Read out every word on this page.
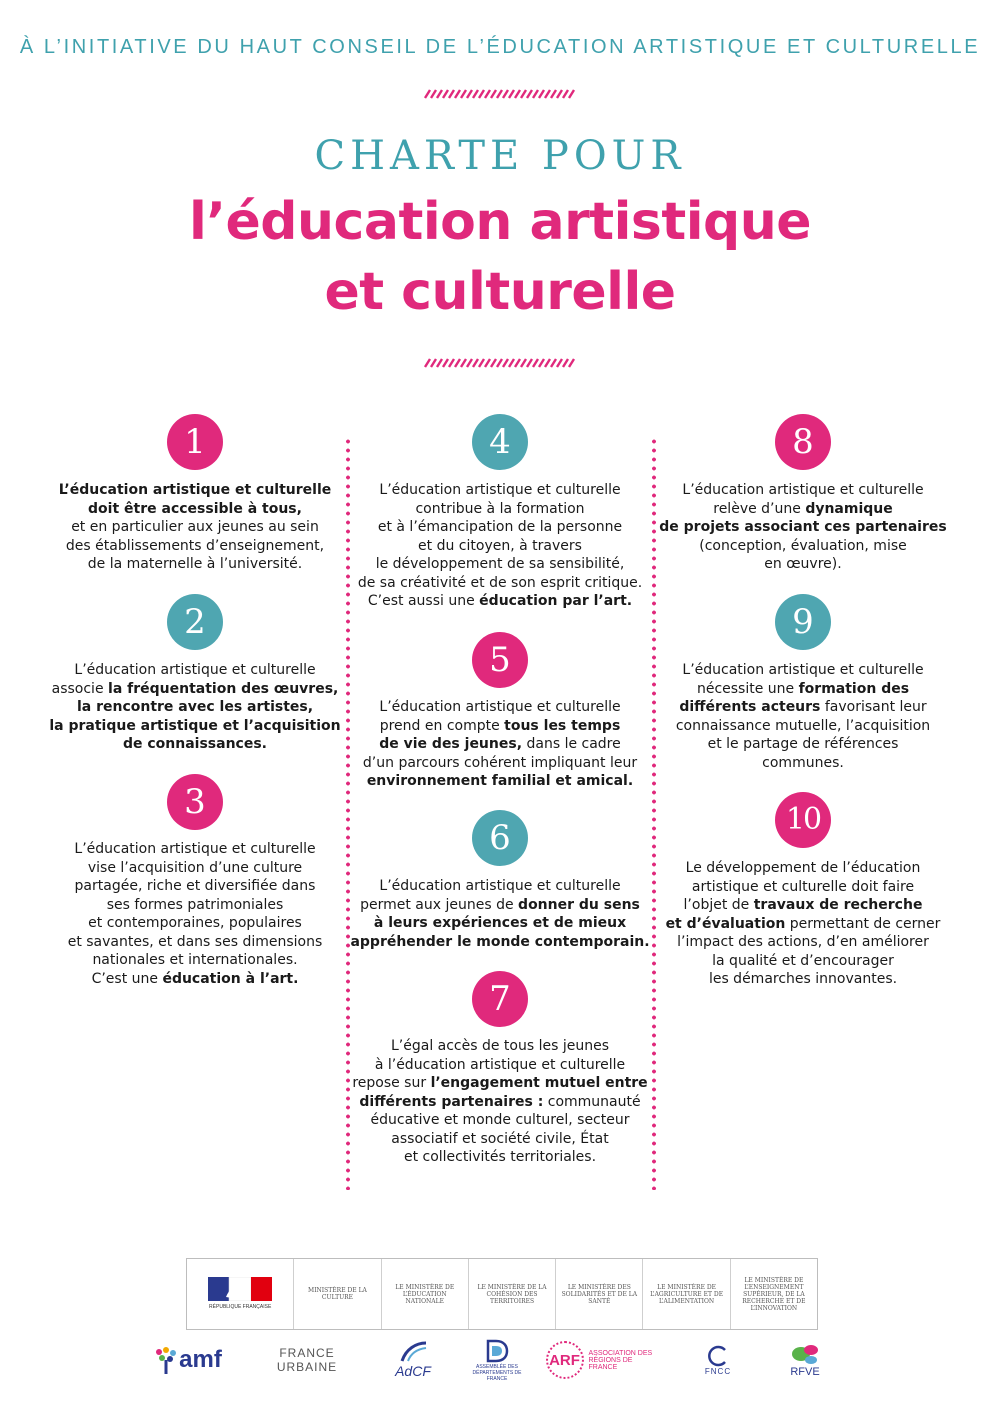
À L’INITIATIVE DU HAUT CONSEIL DE L’ÉDUCATION ARTISTIQUE ET CULTURELLE
CHARTE POUR
l’éducation artistique
et culturelle
1
L’éducation artistique et culturelle
doit être accessible à tous,
et en particulier aux jeunes au sein
des établissements d’enseignement,
de la maternelle à l’université.
2
L’éducation artistique et culturelle
associe la fréquentation des œuvres,
la rencontre avec les artistes,
la pratique artistique et l’acquisition
de connaissances.
3
L’éducation artistique et culturelle
vise l’acquisition d’une culture
partagée, riche et diversifiée dans
ses formes patrimoniales
et contemporaines, populaires
et savantes, et dans ses dimensions
nationales et internationales.
C’est une éducation à l’art.
4
L’éducation artistique et culturelle
contribue à la formation
et à l’émancipation de la personne
et du citoyen, à travers
le développement de sa sensibilité,
de sa créativité et de son esprit critique.
C’est aussi une éducation par l’art.
5
L’éducation artistique et culturelle
prend en compte tous les temps
de vie des jeunes, dans le cadre
d’un parcours cohérent impliquant leur
environnement familial et amical.
6
L’éducation artistique et culturelle
permet aux jeunes de donner du sens
à leurs expériences et de mieux
appréhender le monde contemporain.
7
L’égal accès de tous les jeunes
à l’éducation artistique et culturelle
repose sur l’engagement mutuel entre
différents partenaires : communauté
éducative et monde culturel, secteur
associatif et société civile, État
et collectivités territoriales.
8
L’éducation artistique et culturelle
relève d’une dynamique
de projets associant ces partenaires
(conception, évaluation, mise
en œuvre).
9
L’éducation artistique et culturelle
nécessite une formation des
différents acteurs favorisant leur
connaissance mutuelle, l’acquisition
et le partage de références
communes.
10
Le développement de l’éducation
artistique et culturelle doit faire
l’objet de travaux de recherche
et d’évaluation permettant de cerner
l’impact des actions, d’en améliorer
la qualité et d’encourager
les démarches innovantes.
RÉPUBLIQUE FRANÇAISE
MINISTÈRE DE LA CULTURE
LE MINISTÈRE DE L’ÉDUCATION NATIONALE
LE MINISTÈRE DE LA COHÉSION DES TERRITOIRES
LE MINISTÈRE DES SOLIDARITÉS ET DE LA SANTÉ
LE MINISTÈRE DE L’AGRICULTURE ET DE L’ALIMENTATION
LE MINISTÈRE DE L’ENSEIGNEMENT SUPÉRIEUR, DE LA RECHERCHE ET DE L’INNOVATION
amf	FRANCE
URBAINE	AdCF	ASSEMBLÉE DES DÉPARTEMENTS DE FRANCE
ARF ASSOCIATION DES RÉGIONS DE FRANCE	FNCC	RFVE
